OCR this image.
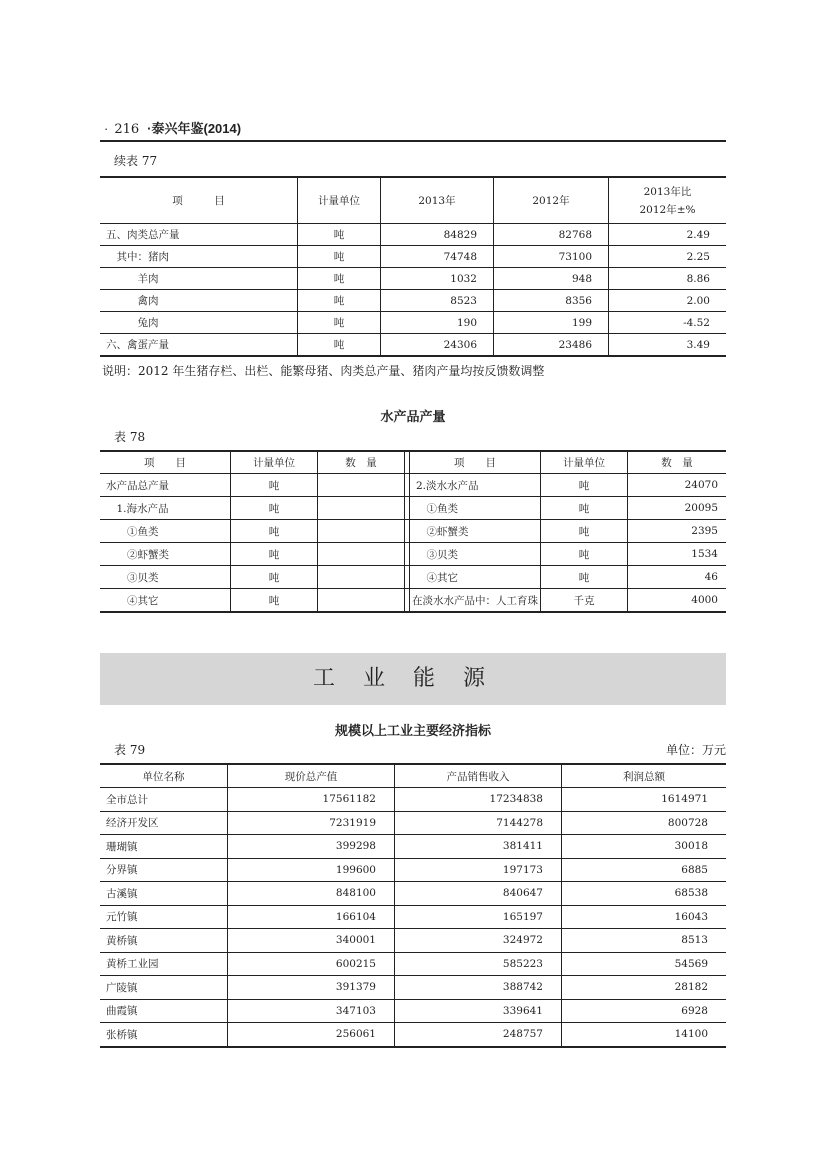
· 216 ·泰兴年鉴(2014)
续表 77
项　　　目	计量单位	2013年	2012年	2013年比
2012年±%
五、肉类总产量	吨	84829	82768	2.49
　其中：猪肉	吨	74748	73100	2.25
　　　羊肉	吨	1032	948	8.86
　　　禽肉	吨	8523	8356	2.00
　　　兔肉	吨	190	199	-4.52
六、禽蛋产量	吨	24306	23486	3.49
说明：2012 年生猪存栏、出栏、能繁母猪、肉类总产量、猪肉产量均按反馈数调整
水产品产量
表 78
项　　目	计量单位	数　量		项　　目	计量单位	数　量
水产品总产量	吨			2.淡水水产品	吨	24070
　1.海水产品	吨			　①鱼类	吨	20095
　　①鱼类	吨			　②虾蟹类	吨	2395
　　②虾蟹类	吨			　③贝类	吨	1534
　　③贝类	吨			　④其它	吨	46
　　④其它	吨			在淡水水产品中：人工育珠	千克	4000
工业能源
规模以上工业主要经济指标
表 79	单位：万元
单位名称	现价总产值	产品销售收入	利润总额
全市总计	17561182	17234838	1614971
经济开发区	7231919	7144278	800728
珊瑚镇	399298	381411	30018
分界镇	199600	197173	6885
古溪镇	848100	840647	68538
元竹镇	166104	165197	16043
黄桥镇	340001	324972	8513
黄桥工业园	600215	585223	54569
广陵镇	391379	388742	28182
曲霞镇	347103	339641	6928
张桥镇	256061	248757	14100
